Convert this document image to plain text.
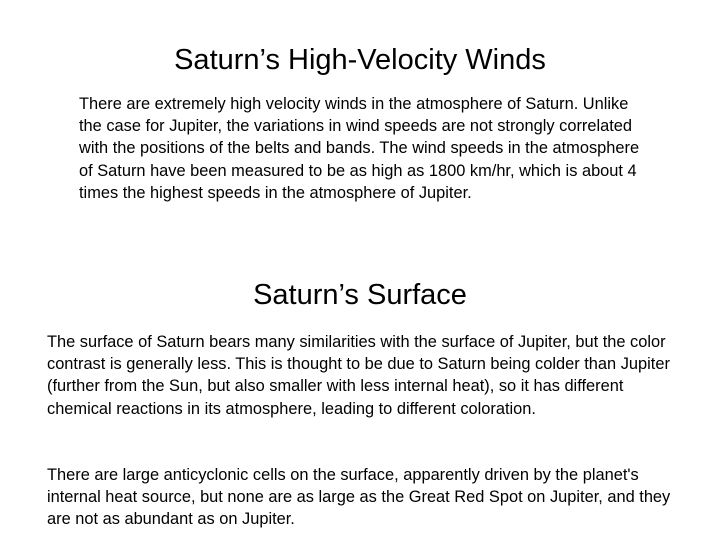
Saturn’s High-Velocity Winds

There are extremely high velocity winds in the atmosphere of Saturn. Unlike the case for Jupiter, the variations in wind speeds are not strongly correlated with the positions of the belts and bands. The wind speeds in the atmosphere of Saturn have been measured to be as high as 1800 km/hr, which is about 4 times the highest speeds in the atmosphere of Jupiter.

Saturn’s Surface

The surface of Saturn bears many similarities with the surface of Jupiter, but the color contrast is generally less. This is thought to be due to Saturn being colder than Jupiter (further from the Sun, but also smaller with less internal heat), so it has different chemical reactions in its atmosphere, leading to different coloration.

There are large anticyclonic cells on the surface, apparently driven by the planet's internal heat source, but none are as large as the Great Red Spot on Jupiter, and they are not as abundant as on Jupiter.
